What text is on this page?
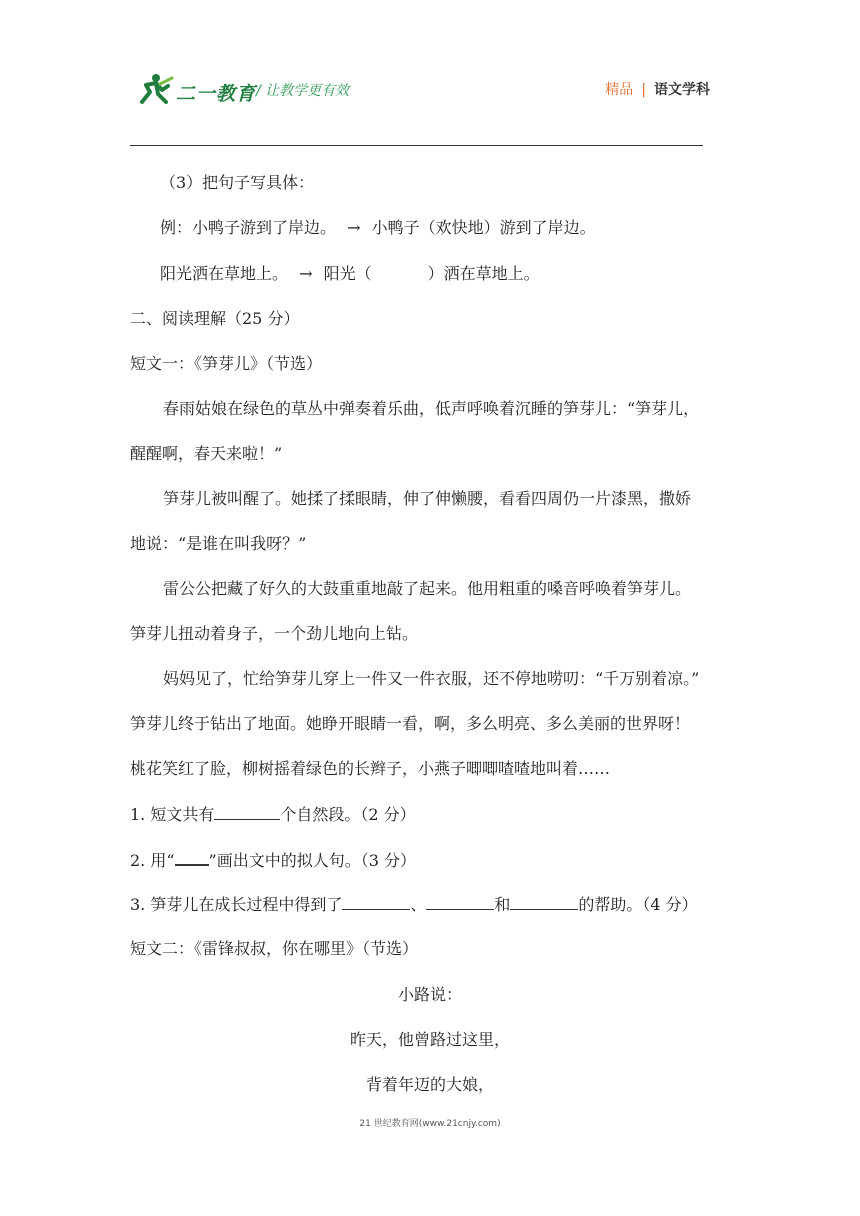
二一教育 / 让教学更有效	精品 | 语文学科
（3）把句子写具体：
例：小鸭子游到了岸边。 → 小鸭子（欢快地）游到了岸边。
阳光洒在草地上。 → 阳光（	）洒在草地上。
二、阅读理解（25 分）
短文一：《笋芽儿》（节选）
春雨姑娘在绿色的草丛中弹奏着乐曲，低声呼唤着沉睡的笋芽儿：“笋芽儿，
醒醒啊，春天来啦！”
笋芽儿被叫醒了。她揉了揉眼睛，伸了伸懒腰，看看四周仍一片漆黑，撒娇
地说：“是谁在叫我呀？”
雷公公把藏了好久的大鼓重重地敲了起来。他用粗重的嗓音呼唤着笋芽儿。
笋芽儿扭动着身子，一个劲儿地向上钻。
妈妈见了，忙给笋芽儿穿上一件又一件衣服，还不停地唠叨：“千万别着凉。”
笋芽儿终于钻出了地面。她睁开眼睛一看，啊，多么明亮、多么美丽的世界呀！
桃花笑红了脸，柳树摇着绿色的长辫子，小燕子唧唧喳喳地叫着……
1. 短文共有	个自然段。（2 分）
2. 用“ ”画出文中的拟人句。（3 分）
3. 笋芽儿在成长过程中得到了	、	和	的帮助。（4 分）
短文二：《雷锋叔叔，你在哪里》（节选）
小路说：
昨天，他曾路过这里，
背着年迈的大娘，
21 世纪教育网(www.21cnjy.com)
